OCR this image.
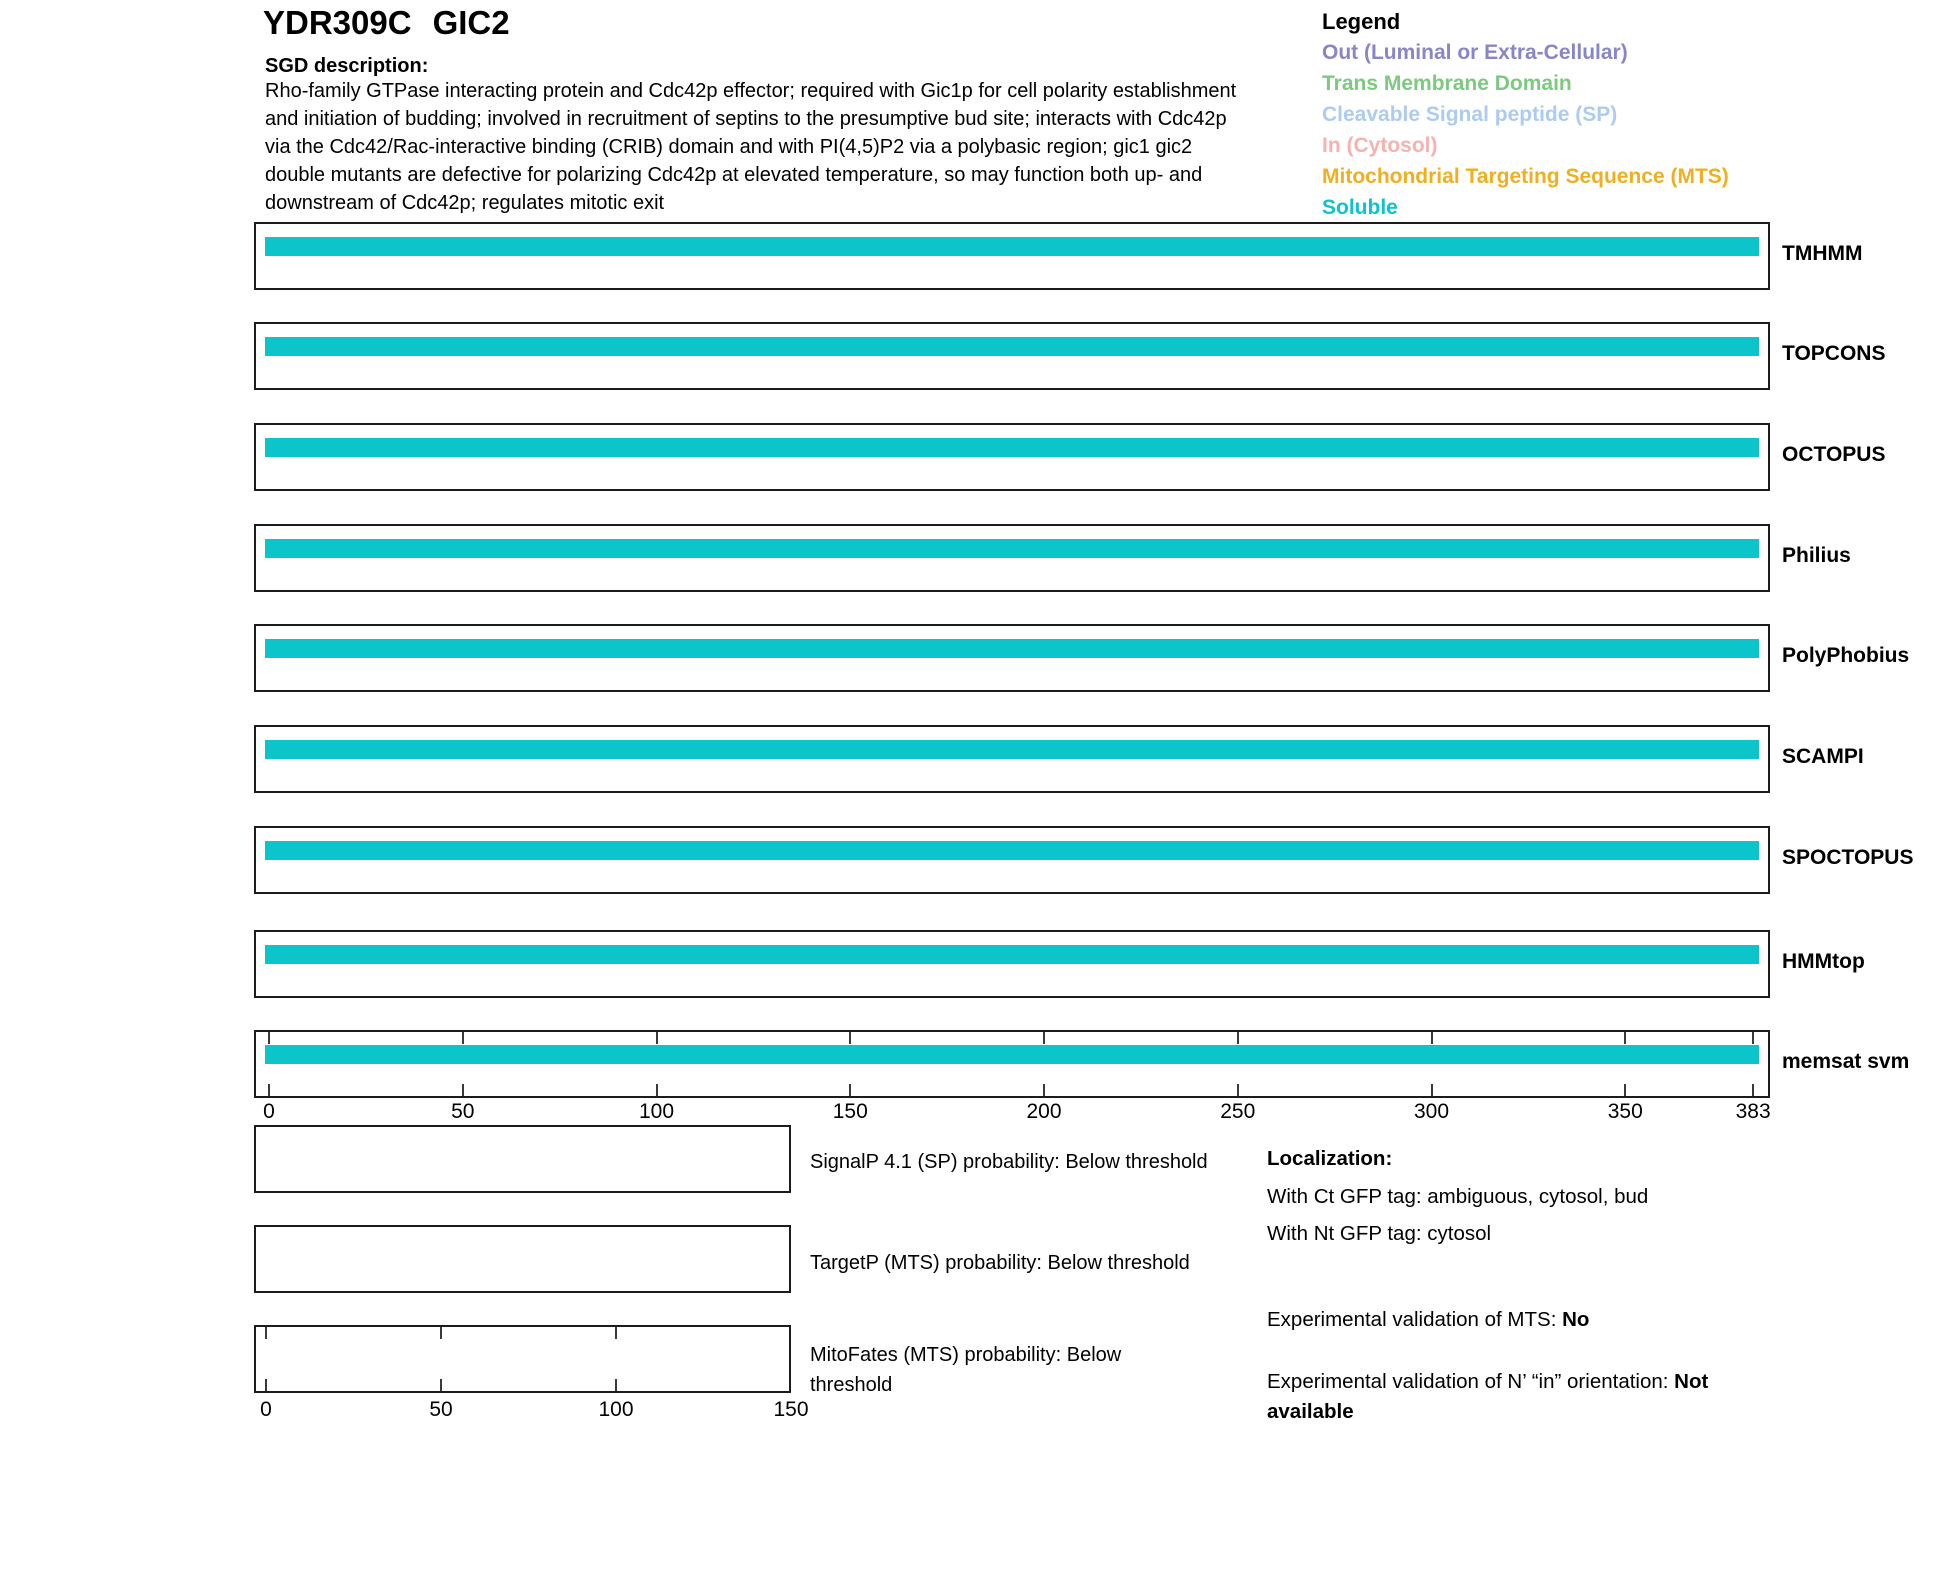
YDR309C GIC2
SGD description:
Rho-family GTPase interacting protein and Cdc42p effector; required with Gic1p for cell polarity establishment
and initiation of budding; involved in recruitment of septins to the presumptive bud site; interacts with Cdc42p
via the Cdc42/Rac-interactive binding (CRIB) domain and with PI(4,5)P2 via a polybasic region; gic1 gic2
double mutants are defective for polarizing Cdc42p at elevated temperature, so may function both up- and
downstream of Cdc42p; regulates mitotic exit
Legend
Out (Luminal or Extra-Cellular)
Trans Membrane Domain
Cleavable Signal peptide (SP)
In (Cytosol)
Mitochondrial Targeting Sequence (MTS)
Soluble
TMHMM
TOPCONS
OCTOPUS
Philius
PolyPhobius
SCAMPI
SPOCTOPUS
HMMtop
memsat svm
0	50	100	150	200	250	300	350	383
SignalP 4.1 (SP) probability: Below threshold
TargetP (MTS) probability: Below threshold
MitoFates (MTS) probability: Below
threshold
0	50	100	150
Localization:
With Ct GFP tag: ambiguous, cytosol, bud
With Nt GFP tag: cytosol
Experimental validation of MTS: No
Experimental validation of N’ “in” orientation: Not available
